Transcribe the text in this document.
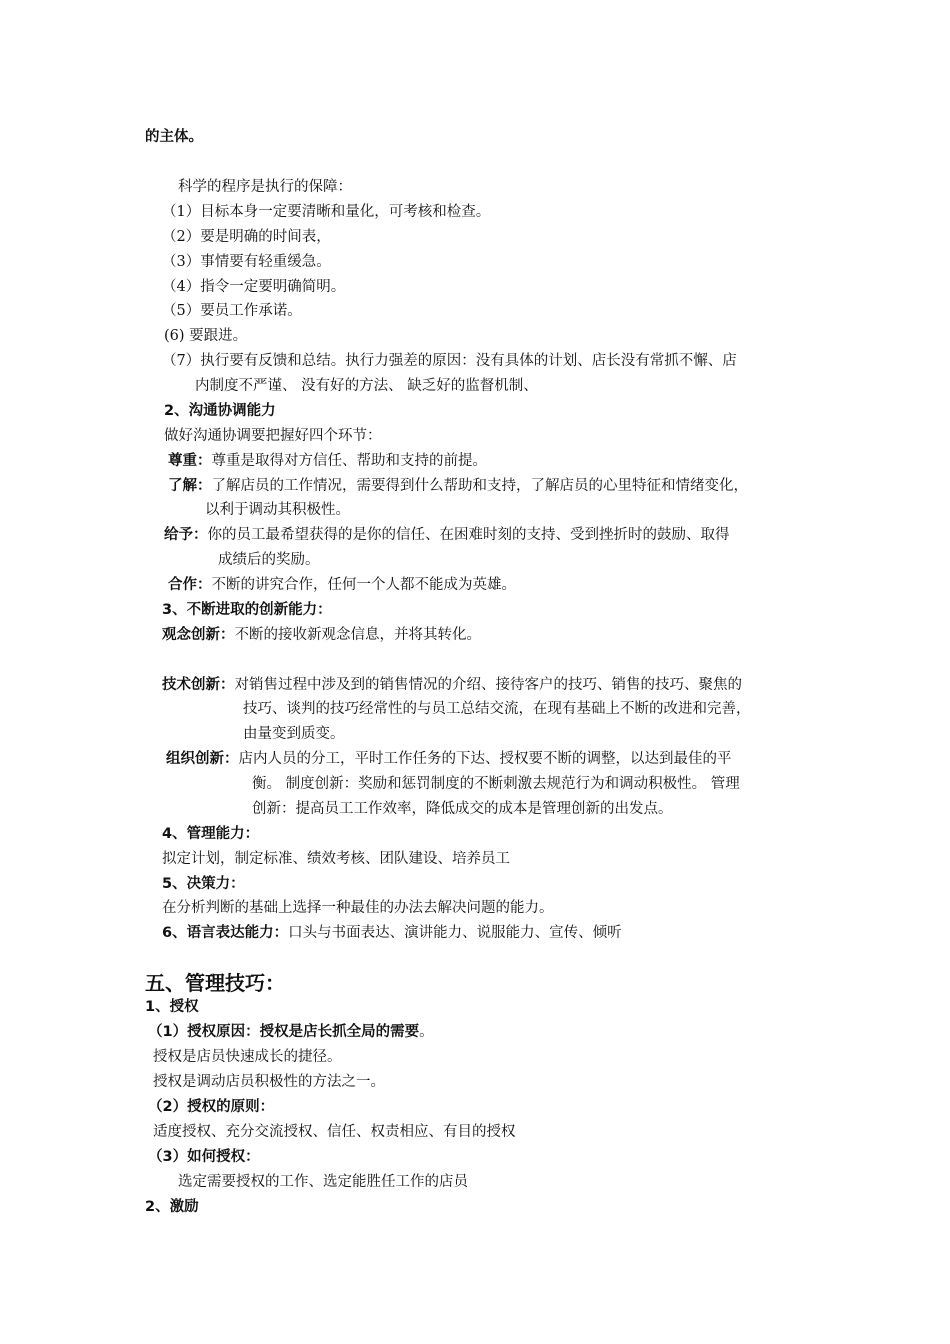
的主体。
科学的程序是执行的保障：
（1）目标本身一定要清晰和量化，可考核和检查。
（2）要是明确的时间表，
（3）事情要有轻重缓急。
（4）指令一定要明确简明。
（5）要员工作承诺。
(6) 要跟进。
（7）执行要有反馈和总结。执行力强差的原因：没有具体的计划、店长没有常抓不懈、店
内制度不严谨、 没有好的方法、 缺乏好的监督机制、
2、沟通协调能力
做好沟通协调要把握好四个环节：
尊重：尊重是取得对方信任、帮助和支持的前提。
了解：了解店员的工作情况，需要得到什么帮助和支持，了解店员的心里特征和情绪变化，
以利于调动其积极性。
给予：你的员工最希望获得的是你的信任、在困难时刻的支持、受到挫折时的鼓励、取得
成绩后的奖励。
合作：不断的讲究合作，任何一个人都不能成为英雄。
3、不断进取的创新能力：
观念创新：不断的接收新观念信息，并将其转化。
技术创新：对销售过程中涉及到的销售情况的介绍、接待客户的技巧、销售的技巧、聚焦的
技巧、谈判的技巧经常性的与员工总结交流，在现有基础上不断的改进和完善，
由量变到质变。
组织创新：店内人员的分工，平时工作任务的下达、授权要不断的调整，以达到最佳的平
衡。 制度创新：奖励和惩罚制度的不断刺激去规范行为和调动积极性。 管理
创新：提高员工工作效率，降低成交的成本是管理创新的出发点。
4、管理能力：
拟定计划，制定标准、绩效考核、团队建设、培养员工
5、决策力：
在分析判断的基础上选择一种最佳的办法去解决问题的能力。
6、语言表达能力：口头与书面表达、演讲能力、说服能力、宣传、倾听
五、管理技巧：
1、授权
（1）授权原因：授权是店长抓全局的需要。
授权是店员快速成长的捷径。
授权是调动店员积极性的方法之一。
（2）授权的原则：
适度授权、充分交流授权、信任、权责相应、有目的授权
（3）如何授权：
选定需要授权的工作、选定能胜任工作的店员
2、激励
